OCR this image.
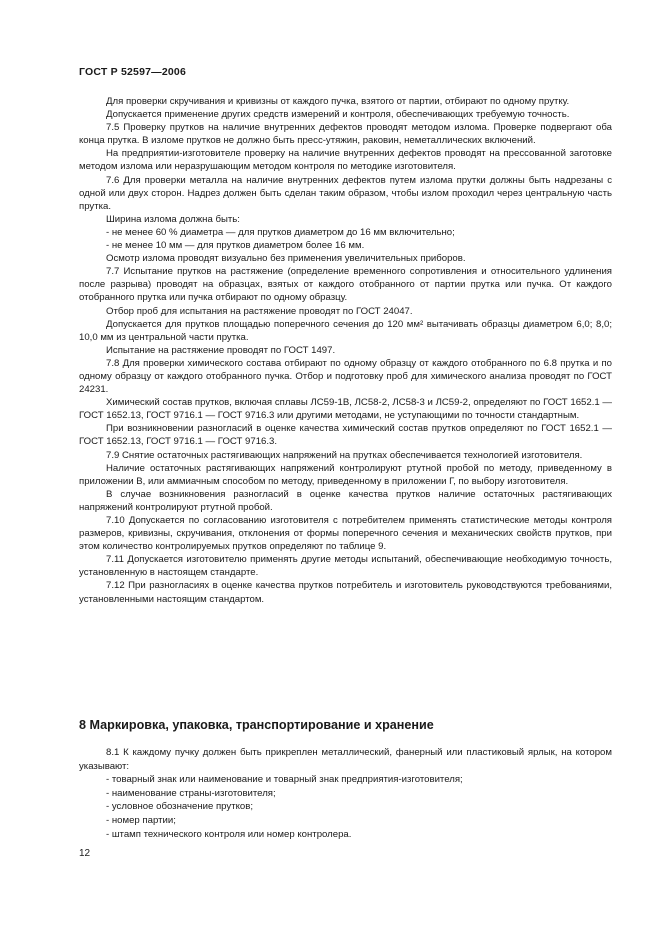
ГОСТ Р 52597—2006

Для проверки скручивания и кривизны от каждого пучка, взятого от партии, отбирают по одному прутку.

Допускается применение других средств измерений и контроля, обеспечивающих требуемую точность.

7.5 Проверку прутков на наличие внутренних дефектов проводят методом излома. Проверке подвергают оба конца прутка. В изломе прутков не должно быть пресс-утяжин, раковин, неметаллических включений.

На предприятии-изготовителе проверку на наличие внутренних дефектов проводят на прессованной заготовке методом излома или неразрушающим методом контроля по методике изготовителя.

7.6 Для проверки металла на наличие внутренних дефектов путем излома прутки должны быть надрезаны с одной или двух сторон. Надрез должен быть сделан таким образом, чтобы излом проходил через центральную часть прутка.

Ширина излома должна быть:

- не менее 60 % диаметра — для прутков диаметром до 16 мм включительно;

- не менее 10 мм — для прутков диаметром более 16 мм.

Осмотр излома проводят визуально без применения увеличительных приборов.

7.7 Испытание прутков на растяжение (определение временного сопротивления и относительного удлинения после разрыва) проводят на образцах, взятых от каждого отобранного от партии прутка или пучка. От каждого отобранного прутка или пучка отбирают по одному образцу.

Отбор проб для испытания на растяжение проводят по ГОСТ 24047.

Допускается для прутков площадью поперечного сечения до 120 мм² вытачивать образцы диаметром 6,0; 8,0; 10,0 мм из центральной части прутка.

Испытание на растяжение проводят по ГОСТ 1497.

7.8 Для проверки химического состава отбирают по одному образцу от каждого отобранного по 6.8 прутка и по одному образцу от каждого отобранного пучка. Отбор и подготовку проб для химического анализа проводят по ГОСТ 24231.

Химический состав прутков, включая сплавы ЛС59-1В, ЛС58-2, ЛС58-3 и ЛС59-2, определяют по ГОСТ 1652.1 — ГОСТ 1652.13, ГОСТ 9716.1 — ГОСТ 9716.3 или другими методами, не уступающими по точности стандартным.

При возникновении разногласий в оценке качества химический состав прутков определяют по ГОСТ 1652.1 — ГОСТ 1652.13, ГОСТ 9716.1 — ГОСТ 9716.3.

7.9 Снятие остаточных растягивающих напряжений на прутках обеспечивается технологией изготовителя.

Наличие остаточных растягивающих напряжений контролируют ртутной пробой по методу, приведенному в приложении В, или аммиачным способом по методу, приведенному в приложении Г, по выбору изготовителя.

В случае возникновения разногласий в оценке качества прутков наличие остаточных растягивающих напряжений контролируют ртутной пробой.

7.10 Допускается по согласованию изготовителя с потребителем применять статистические методы контроля размеров, кривизны, скручивания, отклонения от формы поперечного сечения и механических свойств прутков, при этом количество контролируемых прутков определяют по таблице 9.

7.11 Допускается изготовителю применять другие методы испытаний, обеспечивающие необходимую точность, установленную в настоящем стандарте.

7.12 При разногласиях в оценке качества прутков потребитель и изготовитель руководствуются требованиями, установленными настоящим стандартом.

8 Маркировка, упаковка, транспортирование и хранение

8.1 К каждому пучку должен быть прикреплен металлический, фанерный или пластиковый ярлык, на котором указывают:

- товарный знак или наименование и товарный знак предприятия-изготовителя;

- наименование страны-изготовителя;

- условное обозначение прутков;

- номер партии;

- штамп технического контроля или номер контролера.

12
